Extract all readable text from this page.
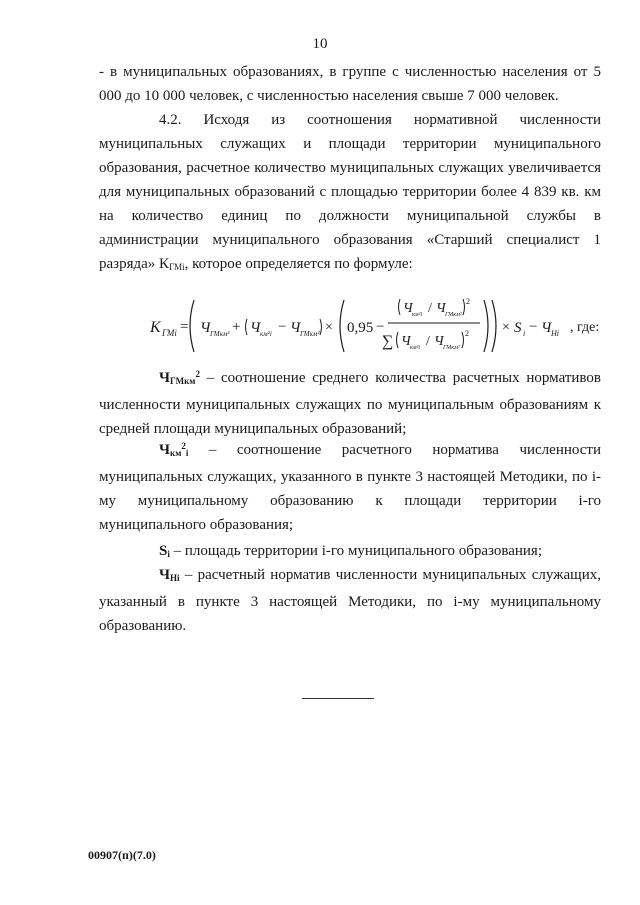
10
- в муниципальных образованиях, в группе с численностью населения от 5 000 до 10 000 человек, с численностью населения свыше 7 000 человек.
4.2. Исходя из соотношения нормативной численности муниципальных служащих и площади территории муниципального образования, расчетное количество муниципальных служащих увеличивается для муниципальных образований с площадью территории более 4 839 кв. км на количество единиц по должности муниципальной службы в администрации муниципального образования «Старший специалист 1 разряда» $К_{ГМi}$, которое определяется по формуле:
К ГМi = Ч ГМкм² + Ч км²i − Ч ГМкм² × 0,95 −
Ч км²i / Ч ГМкм²
2
∑ Ч км²i / Ч ГМкм²
2 × S i − Ч Нi , где:
$Ч_{ГМкм}^2$ – соотношение среднего количества расчетных нормативов численности муниципальных служащих по муниципальным образованиям к средней площади муниципальных образований;
$Ч_{км}^2_i$ – соотношение расчетного норматива численности муниципальных служащих, указанного в пункте 3 настоящей Методики, по i-му муниципальному образованию к площади территории i-го муниципального образования;
$S_i$ – площадь территории i-го муниципального образования;
$Ч_{Ні}$ – расчетный норматив численности муниципальных служащих, указанный в пункте 3 настоящей Методики, по i-му муниципальному образованию.
00907(п)(7.0)
